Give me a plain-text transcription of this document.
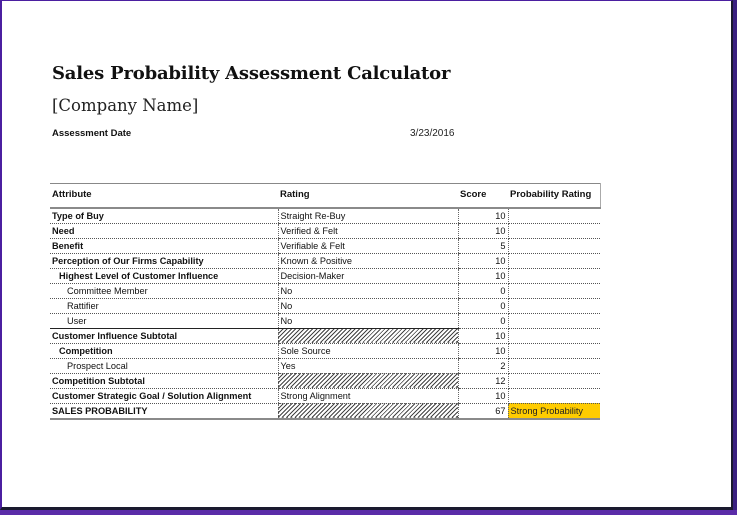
Sales Probability Assessment Calculator
[Company Name]
Assessment Date	3/23/2016
Attribute	Rating	Score	Probability Rating
Type of Buy	Straight Re-Buy	10	
Need	Verified & Felt	10	
Benefit	Verifiable & Felt	5	
Perception of Our Firms Capability	Known & Positive	10	
Highest Level of Customer Influence	Decision-Maker	10	
Committee Member	No	0	
Rattifier	No	0	
User	No	0	
Customer Influence Subtotal		10	
Competition	Sole Source	10	
Prospect Local	Yes	2	
Competition Subtotal		12	
Customer Strategic Goal / Solution Alignment	Strong Alignment	10	
SALES PROBABILITY		67	Strong Probability
